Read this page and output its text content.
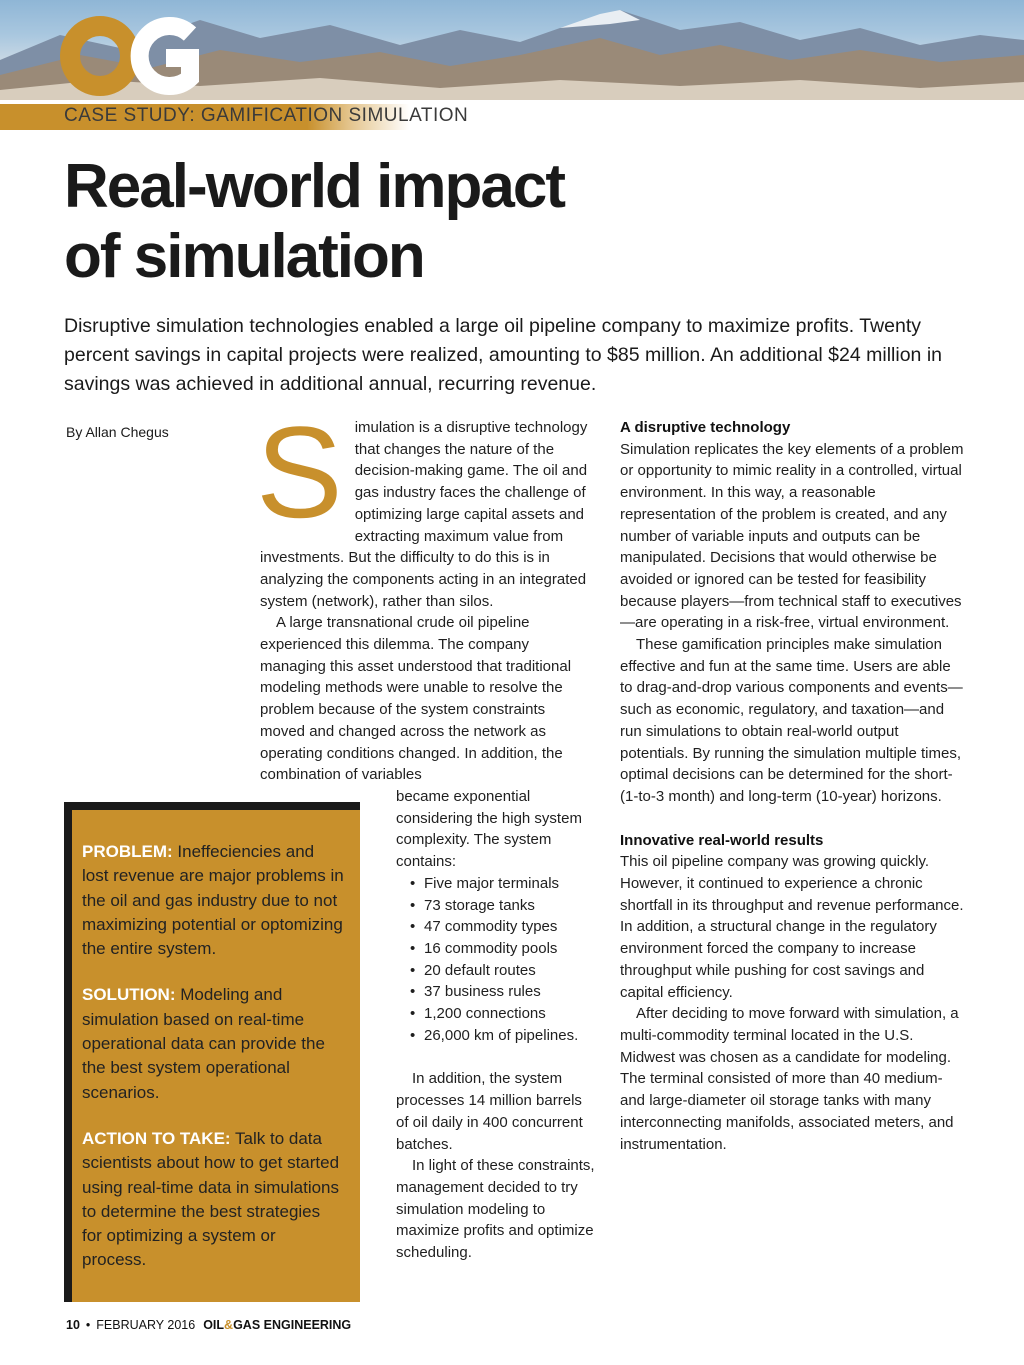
CASE STUDY: GAMIFICATION SIMULATION
Real-world impact
of simulation

Disruptive simulation technologies enabled a large oil pipeline company to maximize profits. Twenty percent savings in capital projects were realized, amounting to $85 million. An additional $24 million in savings was achieved in additional annual, recurring revenue.

By Allan Chegus S imulation is a disruptive technology that changes the nature of the decision-making game. The oil and gas industry faces the challenge of optimizing large capital assets and extracting maximum value from investments. But the difficulty to do this is in analyzing the components acting in an integrated system (network), rather than silos.

A large transnational crude oil pipeline experienced this dilemma. The company managing this asset understood that traditional modeling methods were unable to resolve the problem because of the system constraints moved and changed across the network as operating conditions changed. In addition, the combination of variables

became exponential considering the high system complexity. The system contains:

• Five major terminals
• 73 storage tanks
• 47 commodity types
• 16 commodity pools
• 20 default routes
• 37 business rules
• 1,200 connections
• 26,000 km of pipelines.

In addition, the system processes 14 million barrels of oil daily in 400 concurrent batches.

In light of these constraints, management decided to try simulation modeling to maximize profits and optimize scheduling.

A disruptive technology

Simulation replicates the key elements of a problem or opportunity to mimic reality in a controlled, virtual environment. In this way, a reasonable representation of the problem is created, and any number of variable inputs and outputs can be manipulated. Decisions that would otherwise be avoided or ignored can be tested for feasibility because players—from technical staff to executives—are operating in a risk-free, virtual environment.

These gamification principles make simulation effective and fun at the same time. Users are able to drag-and-drop various components and events—such as economic, regulatory, and taxation—and run simulations to obtain real-world output potentials. By running the simulation multiple times, optimal decisions can be determined for the short- (1-to-3 month) and long-term (10-year) horizons.

Innovative real-world results

This oil pipeline company was growing quickly. However, it continued to experience a chronic shortfall in its throughput and revenue performance. In addition, a structural change in the regulatory environment forced the company to increase throughput while pushing for cost savings and capital efficiency.

After deciding to move forward with simulation, a multi-commodity terminal located in the U.S. Midwest was chosen as a candidate for modeling. The terminal consisted of more than 40 medium- and large-diameter oil storage tanks with many interconnecting manifolds, associated meters, and instrumentation.

PROBLEM: Ineffeciencies and lost revenue are major problems in the oil and gas industry due to not maximizing potential or optomizing the entire system.

SOLUTION: Modeling and simulation based on real-time operational data can provide the the best system operational scenarios.

ACTION TO TAKE: Talk to data scientists about how to get started using real-time data in simulations to determine the best strategies for optimizing a system or process.

10 • FEBRUARY 2016 OIL&GAS ENGINEERING
